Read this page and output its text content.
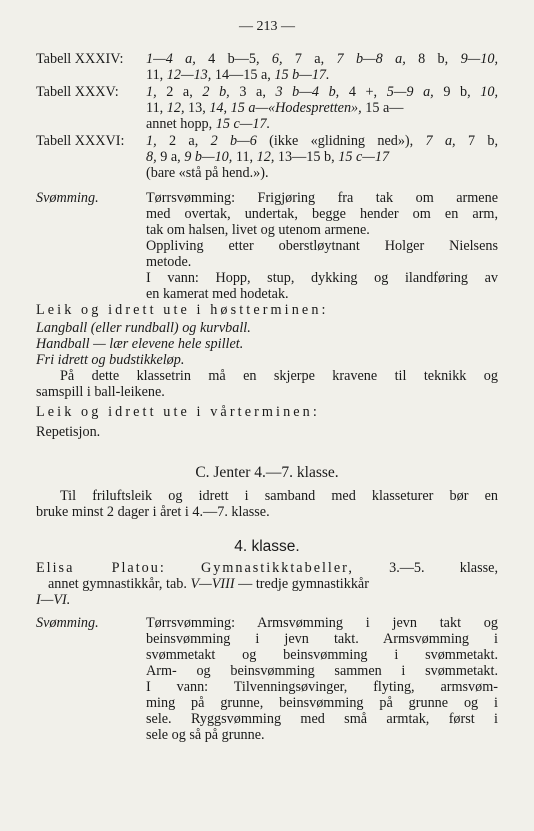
— 213 —
Tabell XXXIV: 1—4 a, 4 b—5, 6, 7 a, 7 b—8 a, 8 b, 9—10,
11, 12—13, 14—15 a, 15 b—17.
Tabell XXXV: 1, 2 a, 2 b, 3 a, 3 b—4 b, 4 +, 5—9 a, 9 b, 10,
11, 12, 13, 14, 15 a—«Hodespretten», 15 a—
annet hopp, 15 c—17.
Tabell XXXVI: 1, 2 a, 2 b—6 (ikke «glidning ned»), 7 a, 7 b,
8, 9 a, 9 b—10, 11, 12, 13—15 b, 15 c—17
(bare «stå på hend.»).
Svømming.	Tørrsvømming: Frigjøring fra tak om armene
med overtak, undertak, begge hender om en arm,
tak om halsen, livet og utenom armene.
Oppliving etter oberstløytnant Holger Nielsens
metode.
I vann: Hopp, stup, dykking og ilandføring av
en kamerat med hodetak.
Leik og idrett ute i høstterminen:
Langball (eller rundball) og kurvball.
Handball — lær elevene hele spillet.
Fri idrett og budstikkeløp.
På dette klassetrin må en skjerpe kravene til teknikk og
samspill i ball-leikene.
Leik og idrett ute i vårterminen:
Repetisjon.
C. Jenter 4.—7. klasse.
Til friluftsleik og idrett i samband med klasseturer bør en
bruke minst 2 dager i året i 4.—7. klasse.
4. klasse.
Elisa Platou: Gymnastikktabeller, 3.—5. klasse,
annet gymnastikkår, tab. V—VIII — tredje gymnastikkår
I—VI.
Svømming.	Tørrsvømming: Armsvømming i jevn takt og
beinsvømming i jevn takt. Armsvømming i
svømmetakt og beinsvømming i svømmetakt.
Arm- og beinsvømming sammen i svømmetakt.
I vann: Tilvenningsøvinger, flyting, armsvøm-
ming på grunne, beinsvømming på grunne og i
sele. Ryggsvømming med små armtak, først i
sele og så på grunne.
